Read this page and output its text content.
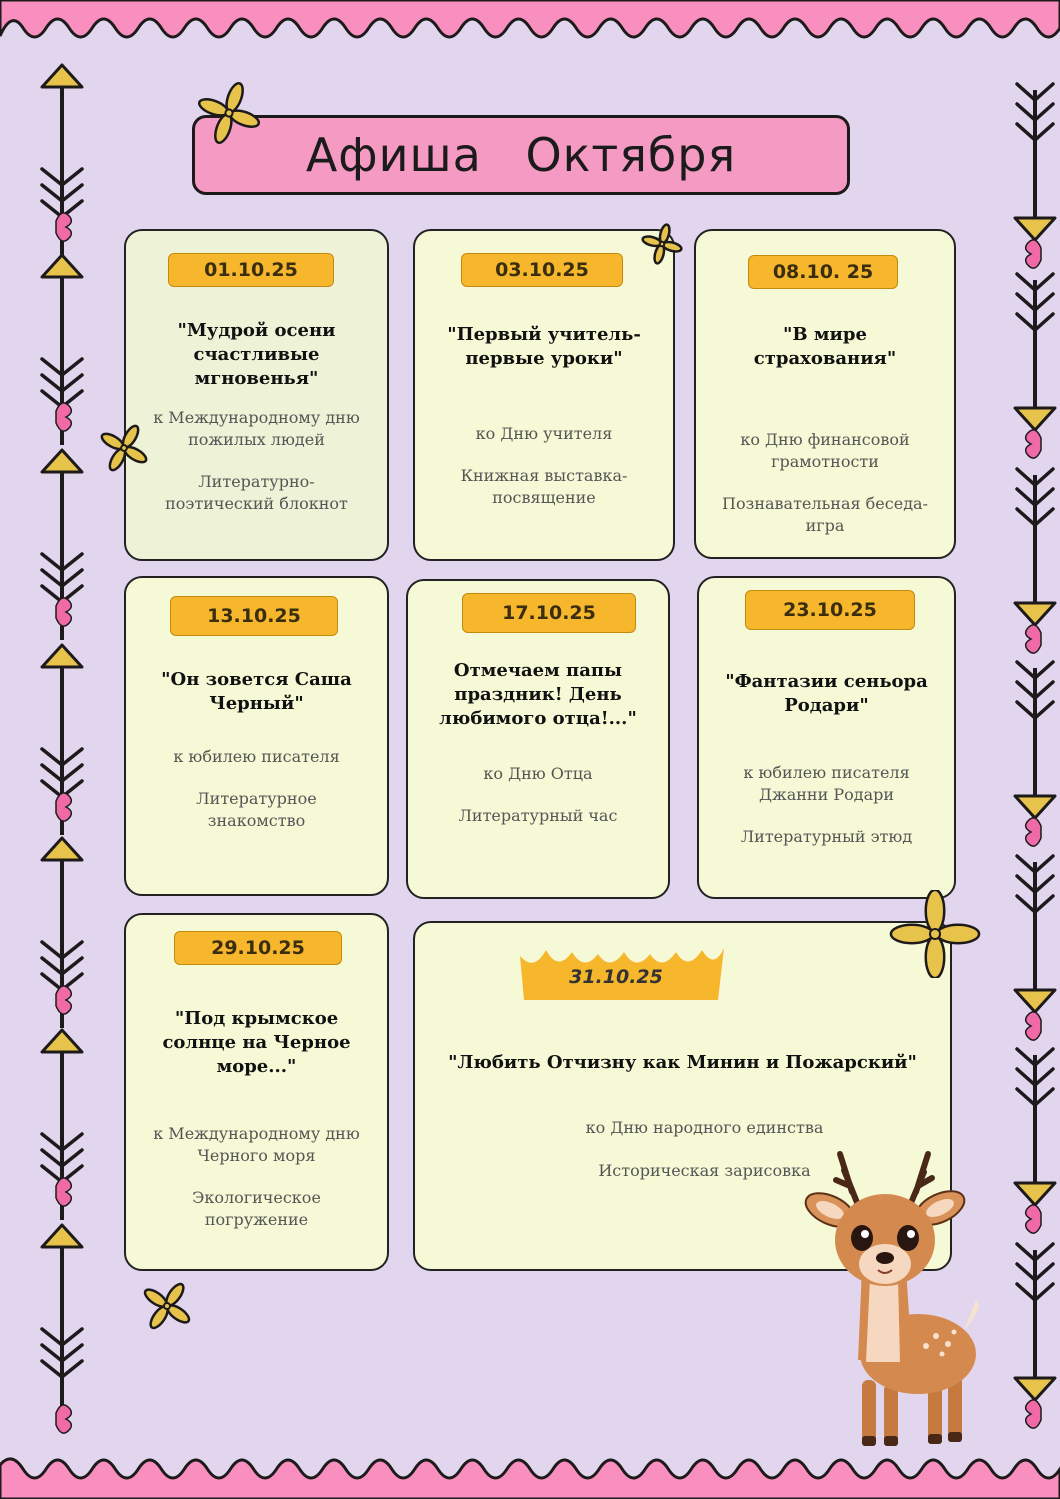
Афиша Октября
01.10.25
"Мудрой осени счастливые мгновенья"
к Международному дню пожилых людей
Литературно-поэтический блокнот
03.10.25
"Первый учитель- первые уроки"
ко Дню учителя
Книжная выставка-посвящение
08.10. 25
"В мире страхования"
ко Дню финансовой грамотности
Познавательная беседа-игра
13.10.25
"Он зовется Саша Черный"
к юбилею писателя
Литературное знакомство
17.10.25
Отмечаем папы праздник! День любимого отца!..."
ко Дню Отца
Литературный час
23.10.25
"Фантазии сеньора Родари"
к юбилею писателя Джанни Родари
Литературный этюд
29.10.25
"Под крымское солнце на Черное море..."
к Международному дню Черного моря
Экологическое погружение
"Любить Отчизну как Минин и Пожарский"
ко Дню народного единства
Историческая зарисовка
31.10.25
